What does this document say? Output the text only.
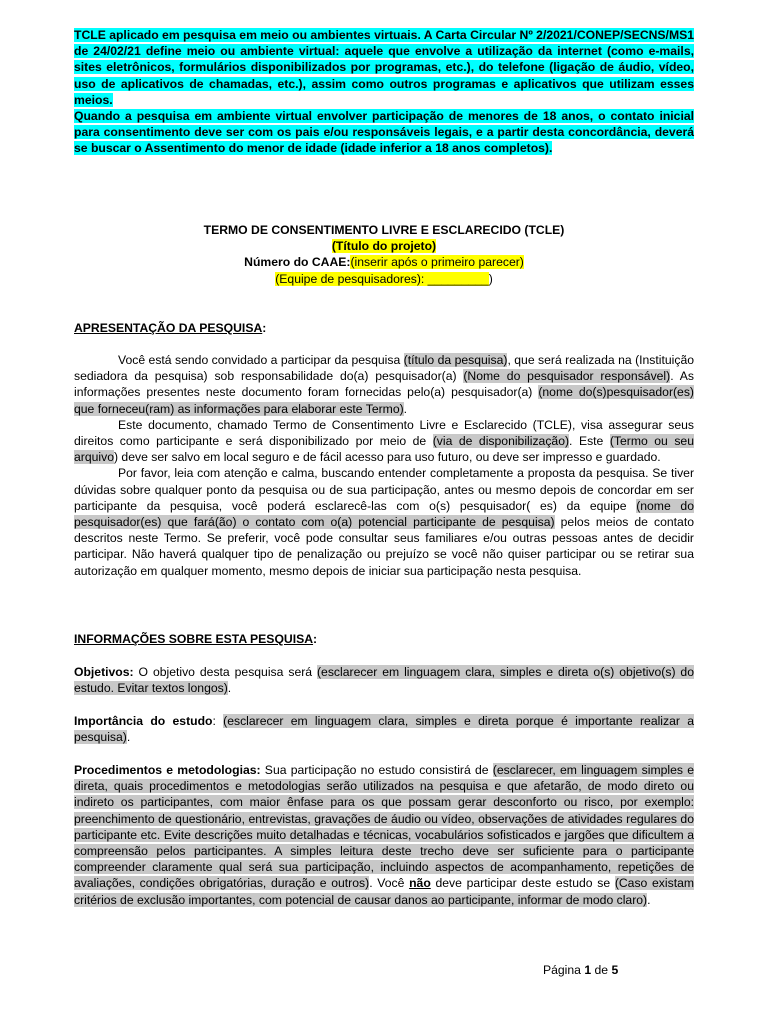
TCLE aplicado em pesquisa em meio ou ambientes virtuais. A Carta Circular Nº 2/2021/CONEP/SECNS/MS1 de 24/02/21 define meio ou ambiente virtual: aquele que envolve a utilização da internet (como e-mails, sites eletrônicos, formulários disponibilizados por programas, etc.), do telefone (ligação de áudio, vídeo, uso de aplicativos de chamadas, etc.), assim como outros programas e aplicativos que utilizam esses meios.

Quando a pesquisa em ambiente virtual envolver participação de menores de 18 anos, o contato inicial para consentimento deve ser com os pais e/ou responsáveis legais, e a partir desta concordância, deverá se buscar o Assentimento do menor de idade (idade inferior a 18 anos completos).

TERMO DE CONSENTIMENTO LIVRE E ESCLARECIDO (TCLE)

(Título do projeto)

Número do CAAE:(inserir após o primeiro parecer)

(Equipe de pesquisadores): _________)

APRESENTAÇÃO DA PESQUISA:

Você está sendo convidado a participar da pesquisa (título da pesquisa), que será realizada na (Instituição sediadora da pesquisa) sob responsabilidade do(a) pesquisador(a) (Nome do pesquisador responsável). As informações presentes neste documento foram fornecidas pelo(a) pesquisador(a) (nome do(s)pesquisador(es) que forneceu(ram) as informações para elaborar este Termo).

Este documento, chamado Termo de Consentimento Livre e Esclarecido (TCLE), visa assegurar seus direitos como participante e será disponibilizado por meio de (via de disponibilização). Este (Termo ou seu arquivo) deve ser salvo em local seguro e de fácil acesso para uso futuro, ou deve ser impresso e guardado.

Por favor, leia com atenção e calma, buscando entender completamente a proposta da pesquisa. Se tiver dúvidas sobre qualquer ponto da pesquisa ou de sua participação, antes ou mesmo depois de concordar em ser participante da pesquisa, você poderá esclarecê-las com o(s) pesquisador( es) da equipe (nome do pesquisador(es) que fará(ão) o contato com o(a) potencial participante de pesquisa) pelos meios de contato descritos neste Termo. Se preferir, você pode consultar seus familiares e/ou outras pessoas antes de decidir participar. Não haverá qualquer tipo de penalização ou prejuízo se você não quiser participar ou se retirar sua autorização em qualquer momento, mesmo depois de iniciar sua participação nesta pesquisa.

INFORMAÇÕES SOBRE ESTA PESQUISA:

Objetivos: O objetivo desta pesquisa será (esclarecer em linguagem clara, simples e direta o(s) objetivo(s) do estudo. Evitar textos longos).

Importância do estudo: (esclarecer em linguagem clara, simples e direta porque é importante realizar a pesquisa).

Procedimentos e metodologias: Sua participação no estudo consistirá de (esclarecer, em linguagem simples e direta, quais procedimentos e metodologias serão utilizados na pesquisa e que afetarão, de modo direto ou indireto os participantes, com maior ênfase para os que possam gerar desconforto ou risco, por exemplo: preenchimento de questionário, entrevistas, gravações de áudio ou vídeo, observações de atividades regulares do participante etc. Evite descrições muito detalhadas e técnicas, vocabulários sofisticados e jargões que dificultem a compreensão pelos participantes. A simples leitura deste trecho deve ser suficiente para o participante compreender claramente qual será sua participação, incluindo aspectos de acompanhamento, repetições de avaliações, condições obrigatórias, duração e outros). Você não deve participar deste estudo se (Caso existam critérios de exclusão importantes, com potencial de causar danos ao participante, informar de modo claro).

Página 1 de 5
